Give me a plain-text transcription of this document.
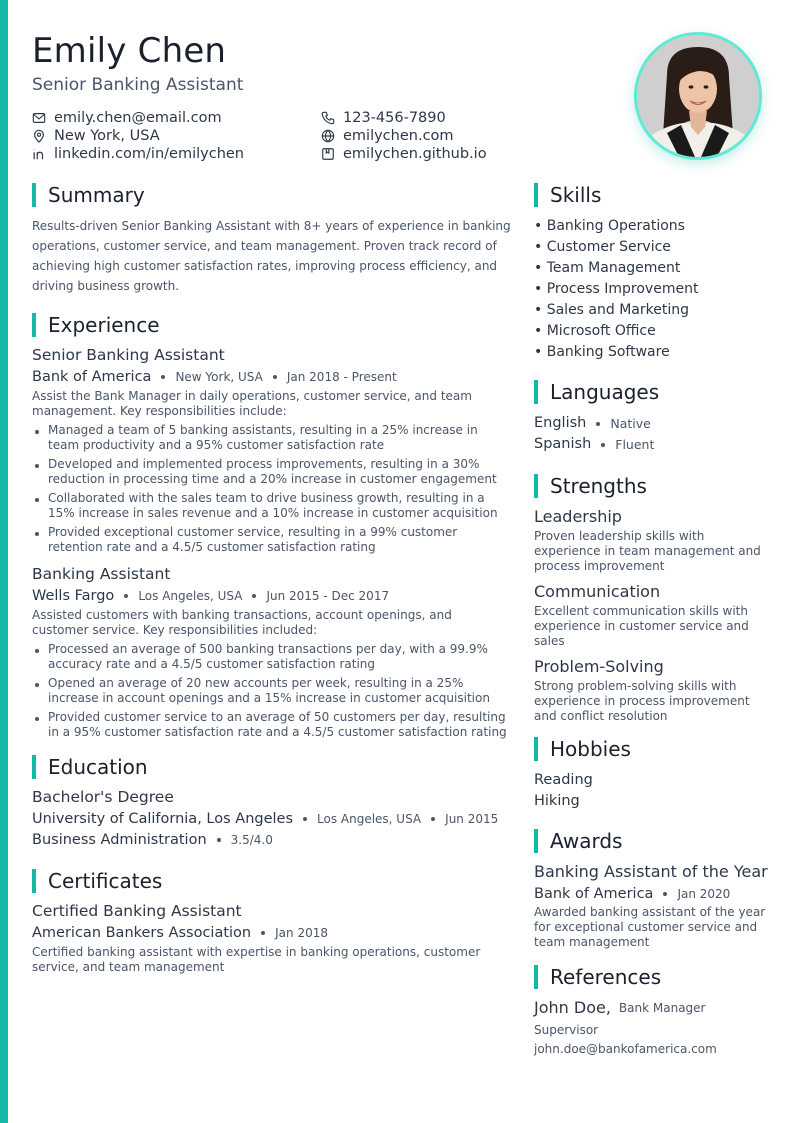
Emily Chen
Senior Banking Assistant
emily.chen@email.com	123-456-7890
New York, USA	emilychen.com
linkedin.com/in/emilychen	emilychen.github.io
Summary

Results-driven Senior Banking Assistant with 8+ years of experience in banking operations, customer service, and team management. Proven track record of achieving high customer satisfaction rates, improving process efficiency, and driving business growth.

Experience
Senior Banking Assistant
Bank of America New York, USA Jan 2018 - Present

Assist the Bank Manager in daily operations, customer service, and team management. Key responsibilities include:

Managed a team of 5 banking assistants, resulting in a 25% increase in team productivity and a 95% customer satisfaction rate
Developed and implemented process improvements, resulting in a 30% reduction in processing time and a 20% increase in customer engagement
Collaborated with the sales team to drive business growth, resulting in a 15% increase in sales revenue and a 10% increase in customer acquisition
Provided exceptional customer service, resulting in a 99% customer retention rate and a 4.5/5 customer satisfaction rating
Banking Assistant
Wells Fargo Los Angeles, USA Jun 2015 - Dec 2017

Assisted customers with banking transactions, account openings, and customer service. Key responsibilities included:

Processed an average of 500 banking transactions per day, with a 99.9% accuracy rate and a 4.5/5 customer satisfaction rating
Opened an average of 20 new accounts per week, resulting in a 25% increase in account openings and a 15% increase in customer acquisition
Provided customer service to an average of 50 customers per day, resulting in a 95% customer satisfaction rate and a 4.5/5 customer satisfaction rating
Education
Bachelor's Degree
University of California, Los Angeles Los Angeles, USA Jun 2015
Business Administration 3.5/4.0
Certificates
Certified Banking Assistant
American Bankers Association Jan 2018

Certified banking assistant with expertise in banking operations, customer service, and team management

Skills
• Banking Operations
• Customer Service
• Team Management
• Process Improvement
• Sales and Marketing
• Microsoft Office
• Banking Software
Languages
English Native
Spanish Fluent
Strengths
Leadership

Proven leadership skills with experience in team management and process improvement

Communication

Excellent communication skills with experience in customer service and sales

Problem-Solving

Strong problem-solving skills with experience in process improvement and conflict resolution

Hobbies
Reading
Hiking
Awards
Banking Assistant of the Year
Bank of America Jan 2020

Awarded banking assistant of the year for exceptional customer service and team management

References
John Doe, Bank Manager
Supervisor
john.doe@bankofamerica.com
